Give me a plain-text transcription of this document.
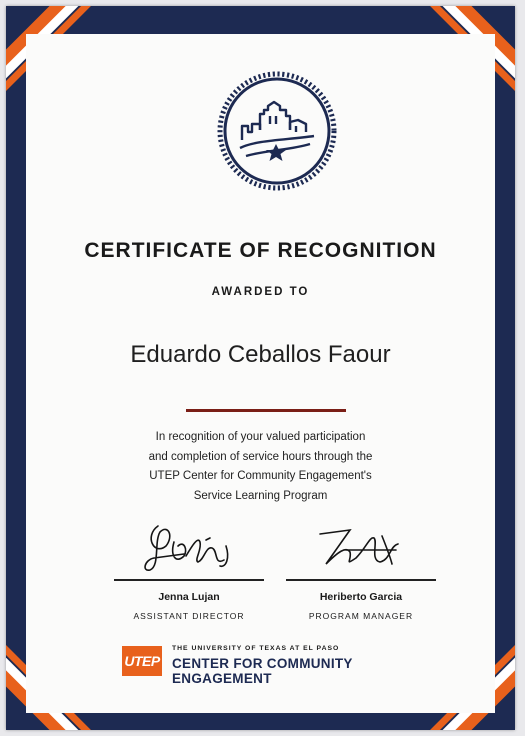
CERTIFICATE OF RECOGNITION
AWARDED TO
Eduardo Ceballos Faour
In recognition of your valued participation
and completion of service hours through the
UTEP Center for Community Engagement's
Service Learning Program
Jenna Lujan
ASSISTANT DIRECTOR
Heriberto Garcia
PROGRAM MANAGER
UTEP
THE UNIVERSITY OF TEXAS AT EL PASO
CENTER FOR COMMUNITY ENGAGEMENT
